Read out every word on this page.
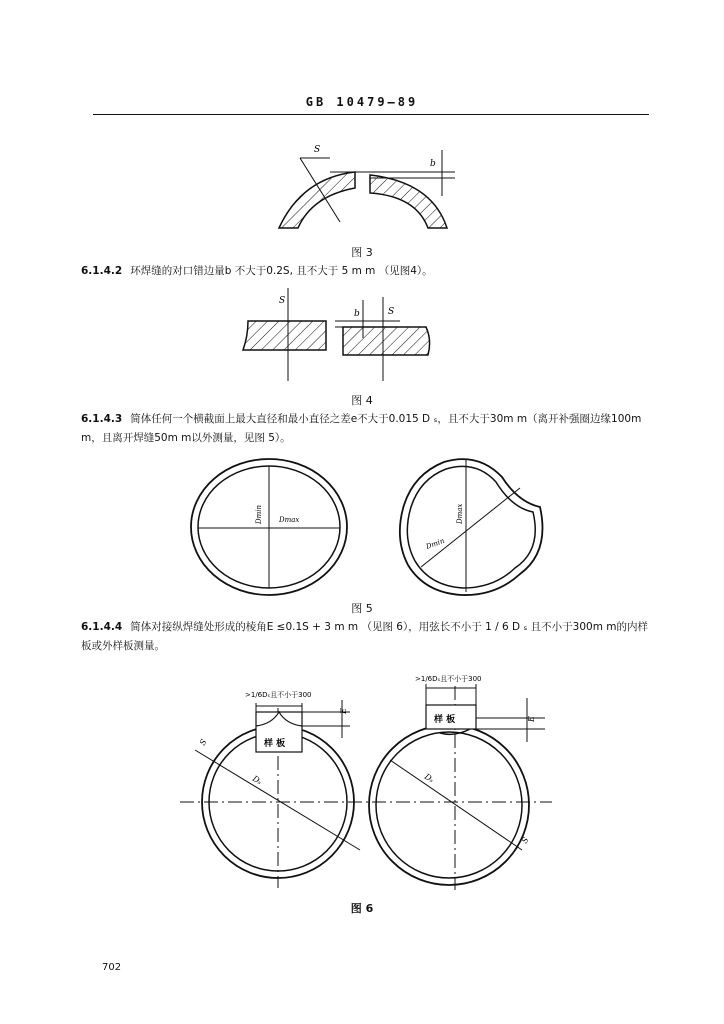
GB 10479—89
S
b
图 3
6.1.4.2 环焊缝的对口错边量b 不大于0.2S, 且不大于 5 m m （见图4）。
S
b	S
图 4
6.1.4.3 简体任何一个横截面上最大直径和最小直径之差e不大于0.015 D ₛ，且不大于30m m（离开补强圈边缘100m m，且离开焊缝50m m以外测量，见图 5）。
Dmin Dmax	Dmax
Dmin
图 5
6.1.4.4 简体对接纵焊缝处形成的棱角E ≤0.1S + 3 m m （见图 6），用弦长不小于 1 / 6 D ₛ 且不小于300m m的内样板或外样板测量。
样 板
>1/6Dₛ且不小于300
E
S
Dₛ
样 板
>1/6Dₛ且不小于300
E
S
Dₛ
图 6
702
